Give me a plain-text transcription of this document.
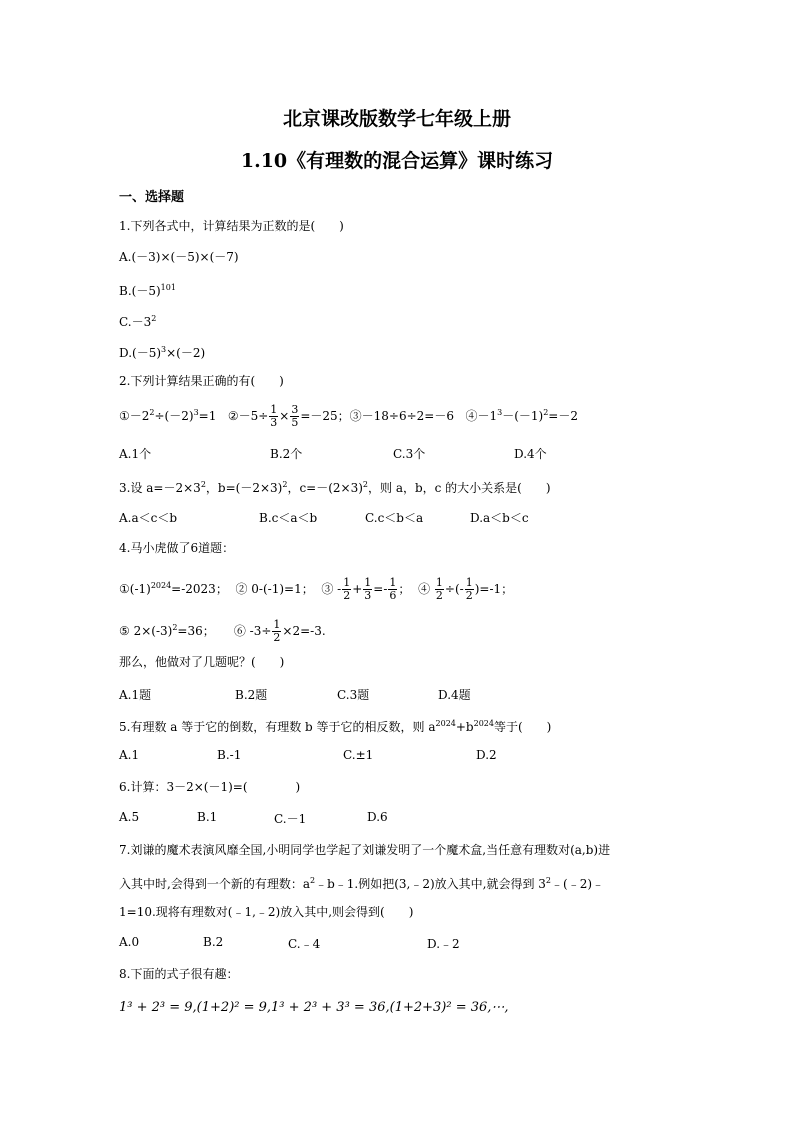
北京课改版数学七年级上册
1.10《有理数的混合运算》课时练习
一、选择题
1.下列各式中，计算结果为正数的是(　　)
A.(－3)×(－5)×(－7)
$B.(-5)^{101}$
$C.-3^2$
$D.(-5)^3\times(-2)$
2.下列计算结果正确的有(　　)
$①-2^2\div(-2)^3=1$ ②－5÷ $\frac{1}{3} \times \frac{3}{5} =-25$；③－18÷6÷2=－6 $④-1^3-(-1)^2=-2$
A.1个	B.2个	C.3个	D.4个
3.设 $a=-2\times 3^2$，$b=(-2\times 3)^2$，$c=-(2\times 3)^2$，则 a，b，c 的大小关系是(　　)
A.a＜c＜b	B.c＜a＜b	C.c＜b＜a	D.a＜b＜c
4.马小虎做了6道题：
$①(-1)^{2024}=-2023$； ② 0-(-1)=1； ③ - $\frac{1}{2} + \frac{1}{3} =- \frac{1}{6}$ ； ④ $\frac{1}{2}$ ÷(- $\frac{1}{2} )=-1$；
⑤ $2\times(-3)^2=36$； ⑥ $-3\div \frac{1}{2} \times 2=-3$.
那么，他做对了几题呢？(　　)
A.1题	B.2题	C.3题	D.4题
5.有理数 a 等于它的倒数，有理数 b 等于它的相反数，则 $a^{2024}+b^{2024}$等于(　　)
A.1	B.-1	C.±1	D.2
6.计算：3－2×(－1)=(　　　　)
A.5	B.1	C.－1	D.6
7.刘谦的魔术表演风靡全国,小明同学也学起了刘谦发明了一个魔术盒,当任意有理数对(a,b)进
入其中时,会得到一个新的有理数：$a^2﹣b﹣1$.例如把(3,﹣2)放入其中,就会得到 $3^2﹣(﹣2)﹣$
1=10.现将有理数对(﹣1,﹣2)放入其中,则会得到(　　)
A.0	B.2	C.﹣4	D.﹣2
8.下面的式子很有趣：
1³ + 2³ = 9,(1+2)² = 9,1³ + 2³ + 3³ = 36,(1+2+3)² = 36,⋯,
